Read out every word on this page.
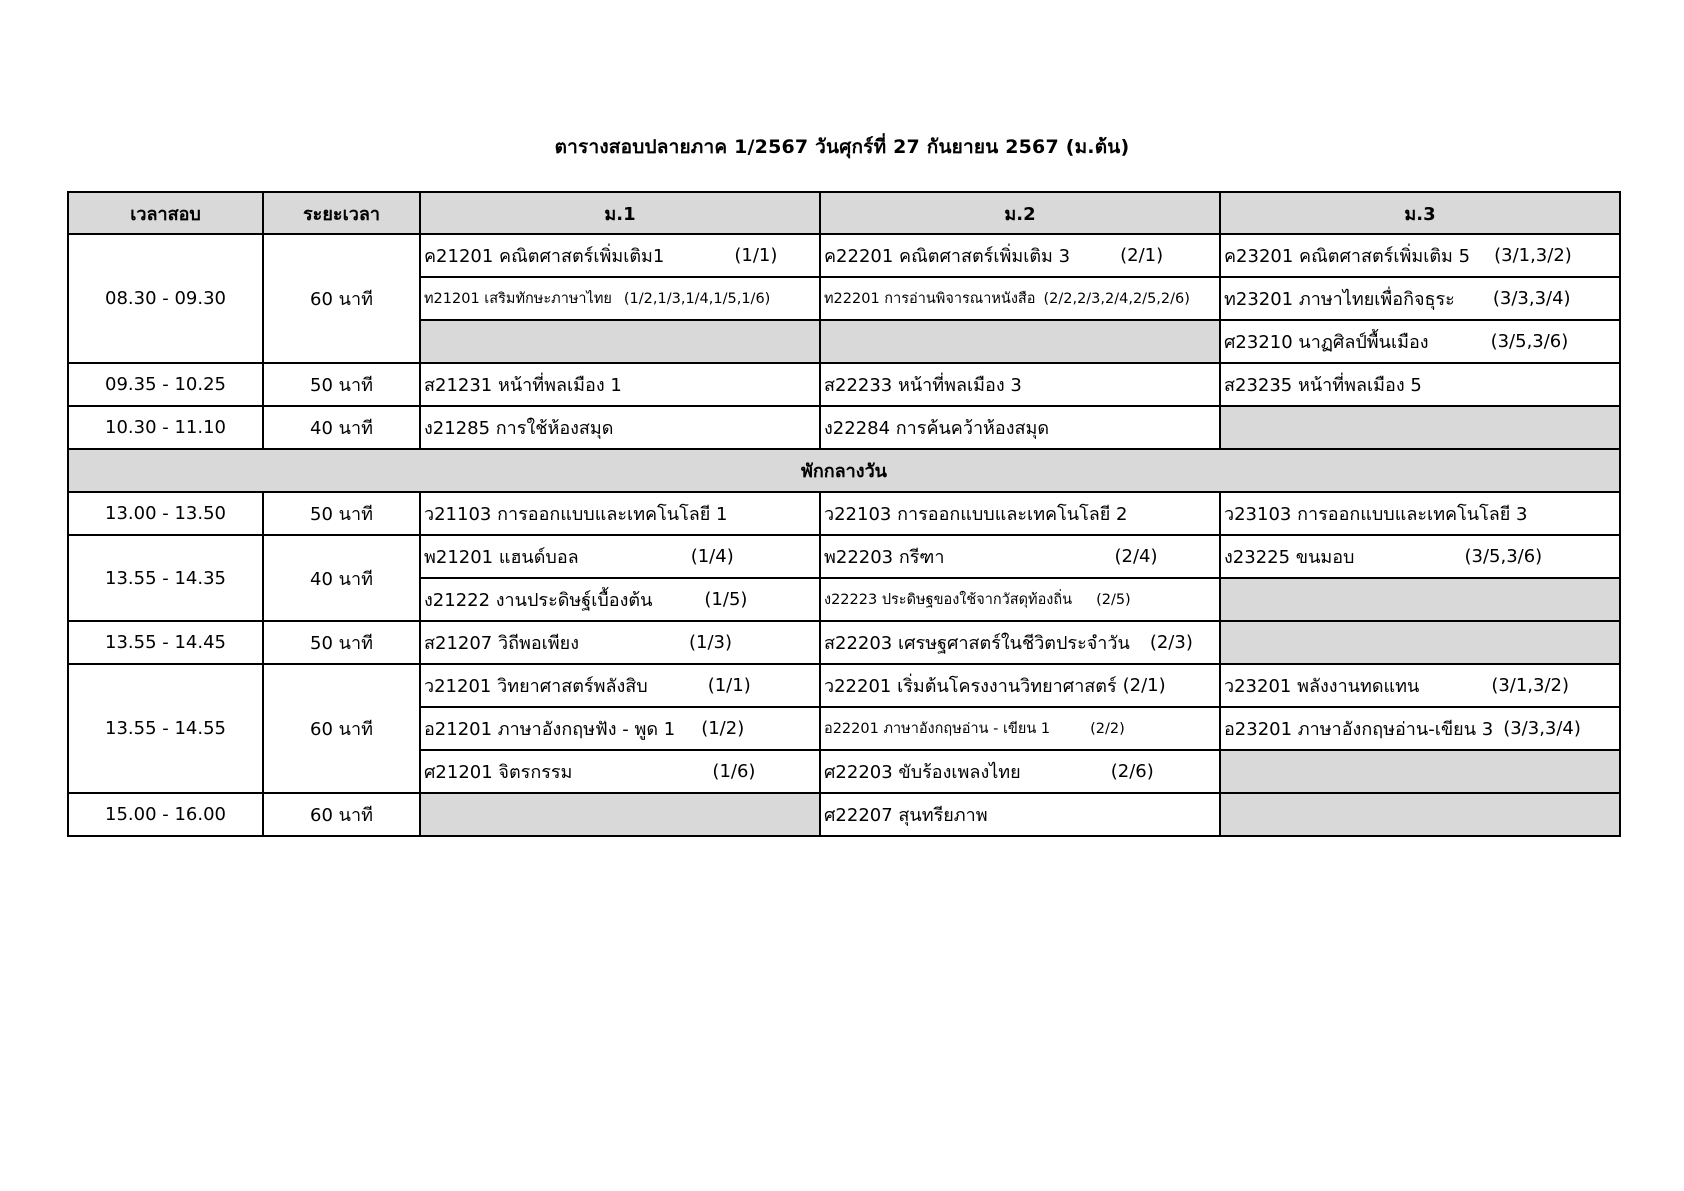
ตารางสอบปลายภาค 1/2567 วันศุกร์ที่ 27 กันยายน 2567 (ม.ต้น)
เวลาสอบ	ระยะเวลา	ม.1	ม.2	ม.3
08.30 - 09.30	60 นาที	ค21201 คณิตศาสตร์เพิ่มเติม1 (1/1)	ค22201 คณิตศาสตร์เพิ่มเติม 3 (2/1)	ค23201 คณิตศาสตร์เพิ่มเติม 5 (3/1,3/2)

		ท21201 เสริมทักษะภาษาไทย (1/2,1/3,1/4,1/5,1/6)	ท22201 การอ่านพิจารณาหนังสือ (2/2,2/3,2/4,2/5,2/6)	ท23201 ภาษาไทยเพื่อกิจธุระ (3/3,3/4)

				ศ23210 นาฏศิลป์พื้นเมือง (3/5,3/6)

09.35 - 10.25	50 นาที	ส21231 หน้าที่พลเมือง 1	ส22233 หน้าที่พลเมือง 3	ส23235 หน้าที่พลเมือง 5
10.30 - 11.10	40 นาที	ง21285 การใช้ห้องสมุด	ง22284 การค้นคว้าห้องสมุด	
พักกลางวัน				
13.00 - 13.50	50 นาที	ว21103 การออกแบบและเทคโนโลยี 1	ว22103 การออกแบบและเทคโนโลยี 2	ว23103 การออกแบบและเทคโนโลยี 3
13.55 - 14.35	40 นาที	พ21201 แฮนด์บอล (1/4)	พ22203 กรีฑา (2/4)	ง23225 ขนมอบ (3/5,3/6)

		ง21222 งานประดิษฐ์เบื้องต้น (1/5)	ง22223 ประดิษฐของใช้จากวัสดุท้องถิ่น (2/5)	

13.55 - 14.45	50 นาที	ส21207 วิถีพอเพียง (1/3)	ส22203 เศรษฐศาสตร์ในชีวิตประจำวัน (2/3)	

13.55 - 14.55	60 นาที	ว21201 วิทยาศาสตร์พลังสิบ (1/1)	ว22201 เริ่มต้นโครงงานวิทยาศาสตร์ (2/1)	ว23201 พลังงานทดแทน (3/1,3/2)

		อ21201 ภาษาอังกฤษฟัง - พูด 1 (1/2)	อ22201 ภาษาอังกฤษอ่าน - เขียน 1 (2/2)	อ23201 ภาษาอังกฤษอ่าน-เขียน 3 (3/3,3/4)

		ศ21201 จิตรกรรม (1/6)	ศ22203 ขับร้องเพลงไทย (2/6)	

15.00 - 16.00	60 นาที		ศ22207 สุนทรียภาพ	
